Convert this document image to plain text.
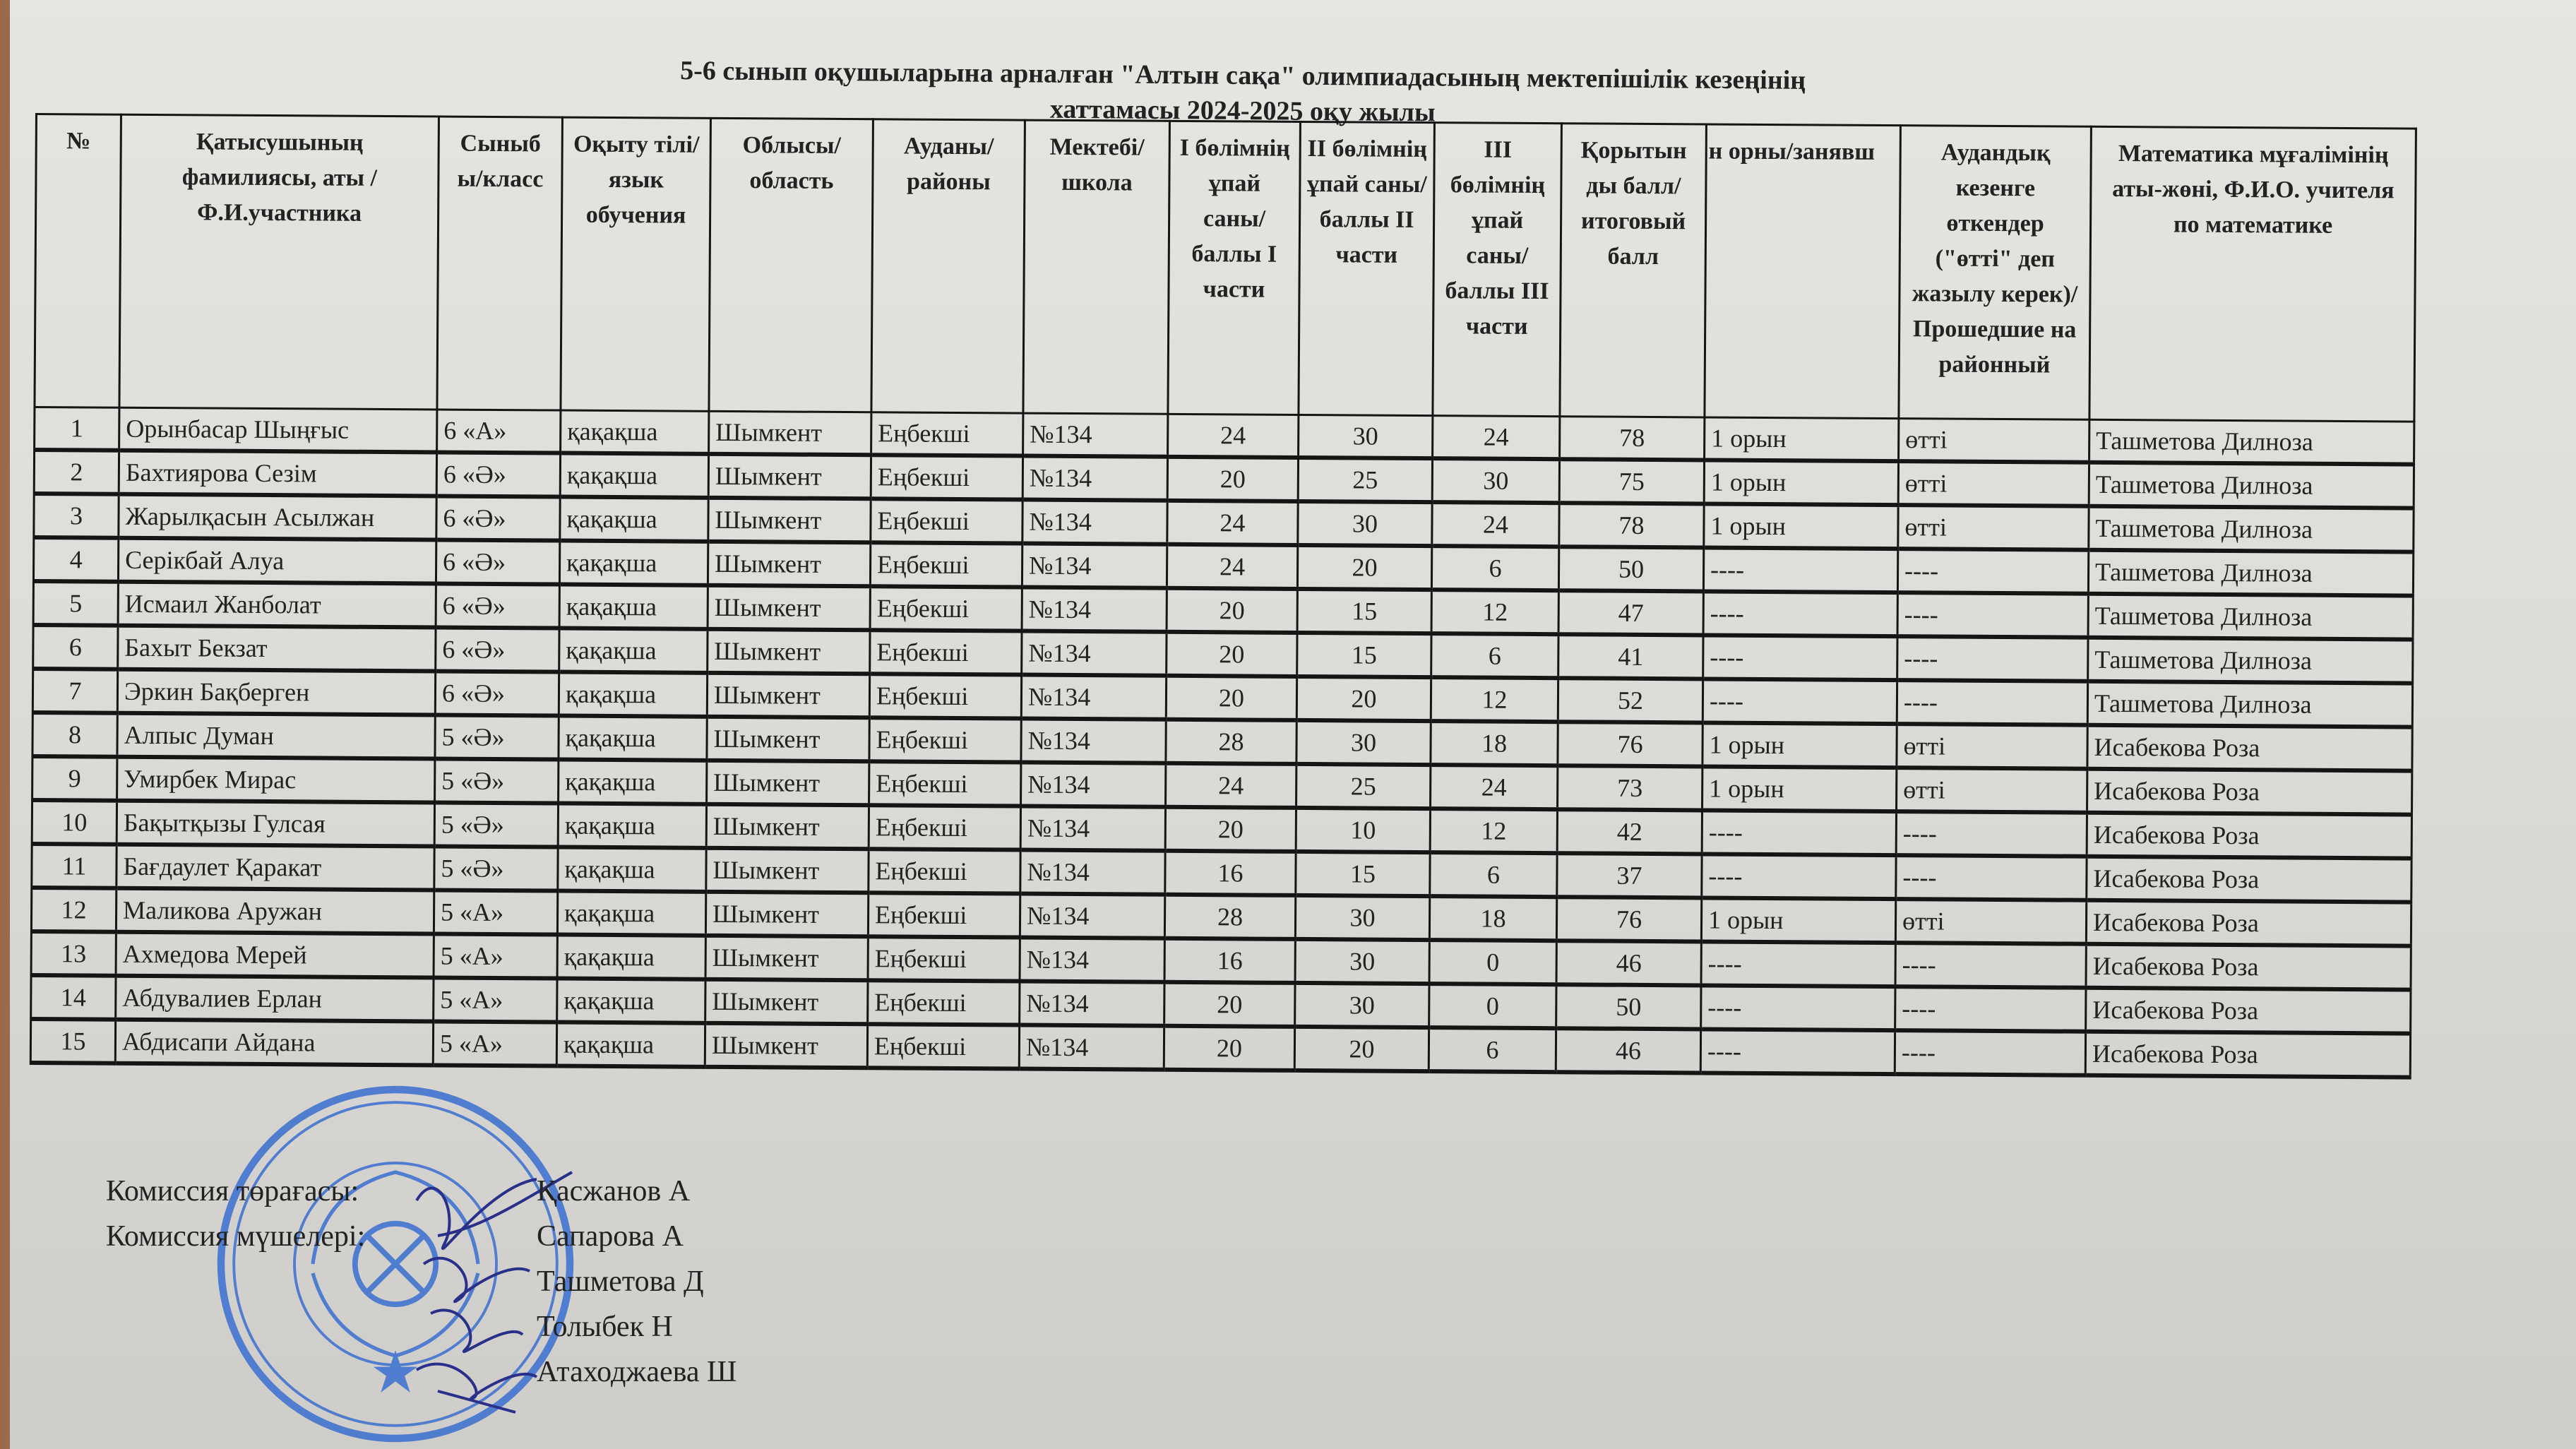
5-6 сынып оқушыларына арналған "Алтын сақа" олимпиадасының мектепішілік кезеңінің
хаттамасы 2024-2025 оқу жылы
№	Қатысушының фамилиясы, аты /Ф.И.участника	Сыныб ы/класс	Оқыту тілі/ язык обучения	Облысы/ область	Ауданы/ районы	Мектебі/ школа	I бөлімнің ұпай саны/ баллы I части	II бөлімнің ұпай саны/ баллы II части	III бөлімнің ұпай саны/ баллы III части	Қорытын ды балл/ итоговый балл	н орны/занявш	Аудандық кезенге өткендер ("өтті" деп жазылу керек)/ Прошедшие на районный	Математика мұғалімінің аты-жөні, Ф.И.О. учителя по математике
1	Орынбасар Шыңғыс	6 «А»	қақақша	Шымкент	Еңбекші	№134	24	30	24	78	1 орын	өтті	Ташметова Дилноза
2	Бахтиярова Сезім	6 «Ә»	қақақша	Шымкент	Еңбекші	№134	20	25	30	75	1 орын	өтті	Ташметова Дилноза
3	Жарылқасын Асылжан	6 «Ә»	қақақша	Шымкент	Еңбекші	№134	24	30	24	78	1 орын	өтті	Ташметова Дилноза
4	Серікбай Алуа	6 «Ә»	қақақша	Шымкент	Еңбекші	№134	24	20	6	50	----	----	Ташметова Дилноза
5	Исмаил Жанболат	6 «Ә»	қақақша	Шымкент	Еңбекші	№134	20	15	12	47	----	----	Ташметова Дилноза
6	Бахыт Бекзат	6 «Ә»	қақақша	Шымкент	Еңбекші	№134	20	15	6	41	----	----	Ташметова Дилноза
7	Эркин Бақберген	6 «Ә»	қақақша	Шымкент	Еңбекші	№134	20	20	12	52	----	----	Ташметова Дилноза
8	Алпыс Думан	5 «Ә»	қақақша	Шымкент	Еңбекші	№134	28	30	18	76	1 орын	өтті	Исабекова Роза
9	Умирбек Мирас	5 «Ә»	қақақша	Шымкент	Еңбекші	№134	24	25	24	73	1 орын	өтті	Исабекова Роза
10	Бақытқызы Гулсая	5 «Ә»	қақақша	Шымкент	Еңбекші	№134	20	10	12	42	----	----	Исабекова Роза
11	Бағдаулет Қаракат	5 «Ә»	қақақша	Шымкент	Еңбекші	№134	16	15	6	37	----	----	Исабекова Роза
12	Маликова Аружан	5 «А»	қақақша	Шымкент	Еңбекші	№134	28	30	18	76	1 орын	өтті	Исабекова Роза
13	Ахмедова Мерей	5 «А»	қақақша	Шымкент	Еңбекші	№134	16	30	0	46	----	----	Исабекова Роза
14	Абдувалиев Ерлан	5 «А»	қақақша	Шымкент	Еңбекші	№134	20	30	0	50	----	----	Исабекова Роза
15	Абдисапи Айдана	5 «А»	қақақша	Шымкент	Еңбекші	№134	20	20	6	46	----	----	Исабекова Роза
Комиссия төрағасы:
Комиссия мүшелері:
Қасжанов А
Сапарова А
Ташметова Д
Толыбек Н
Атаходжаева Ш
